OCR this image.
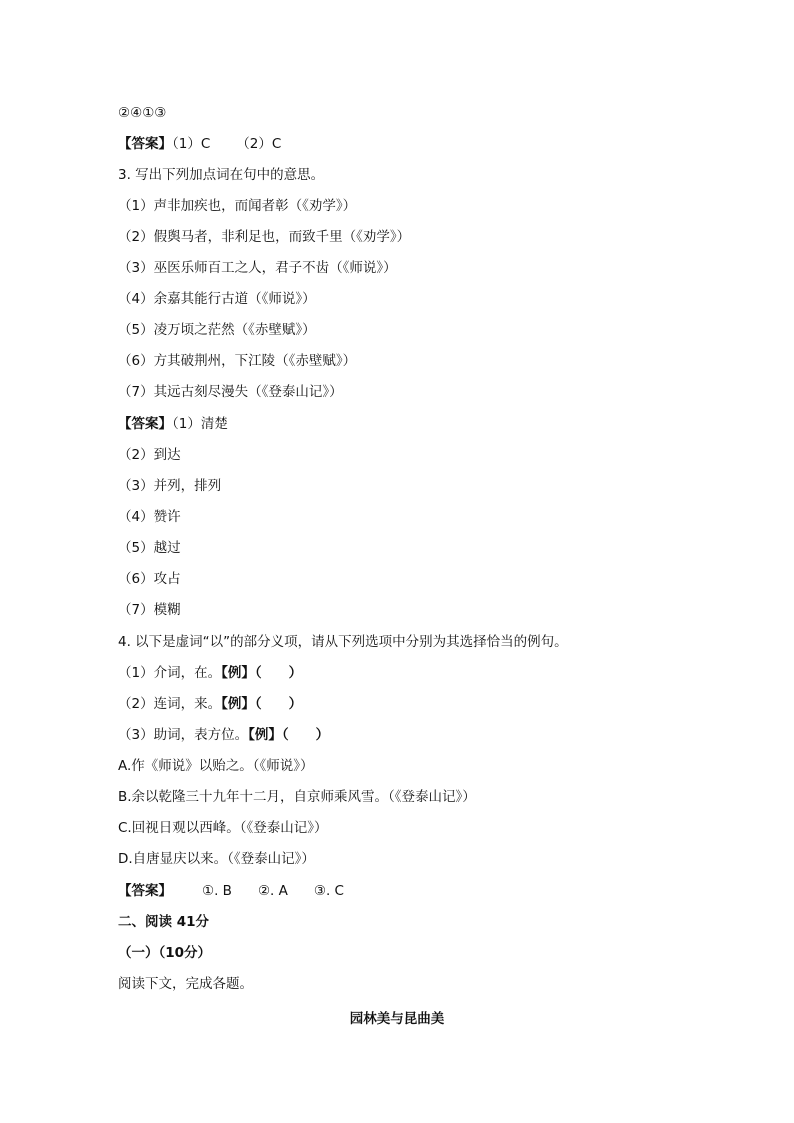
②④①③
【答案】（1）C （2）C
3. 写出下列加点词在句中的意思。
（1）声非加疾也，而闻者彰（《劝学》）
（2）假舆马者，非利足也，而致千里（《劝学》）
（3）巫医乐师百工之人，君子不齿（《师说》）
（4）余嘉其能行古道（《师说》）
（5）凌万顷之茫然（《赤壁赋》）
（6）方其破荆州，下江陵（《赤壁赋》）
（7）其远古刻尽漫失（《登泰山记》）
【答案】（1）清楚
（2）到达
（3）并列，排列
（4）赞许
（5）越过
（6）攻占
（7）模糊
4. 以下是虚词“以”的部分义项，请从下列选项中分别为其选择恰当的例句。
（1）介词，在。【例】（　　）
（2）连词，来。【例】（　　）
（3）助词，表方位。【例】（　　）
A.作《师说》以贻之。（《师说》）
B.余以乾隆三十九年十二月，自京师乘风雪。（《登泰山记》）
C.回视日观以西峰。（《登泰山记》）
D.自唐显庆以来。（《登泰山记》）
【答案】 ①. B ②. A ③. C
二、阅读 41分
（一）（10分）
阅读下文，完成各题。
园林美与昆曲美
